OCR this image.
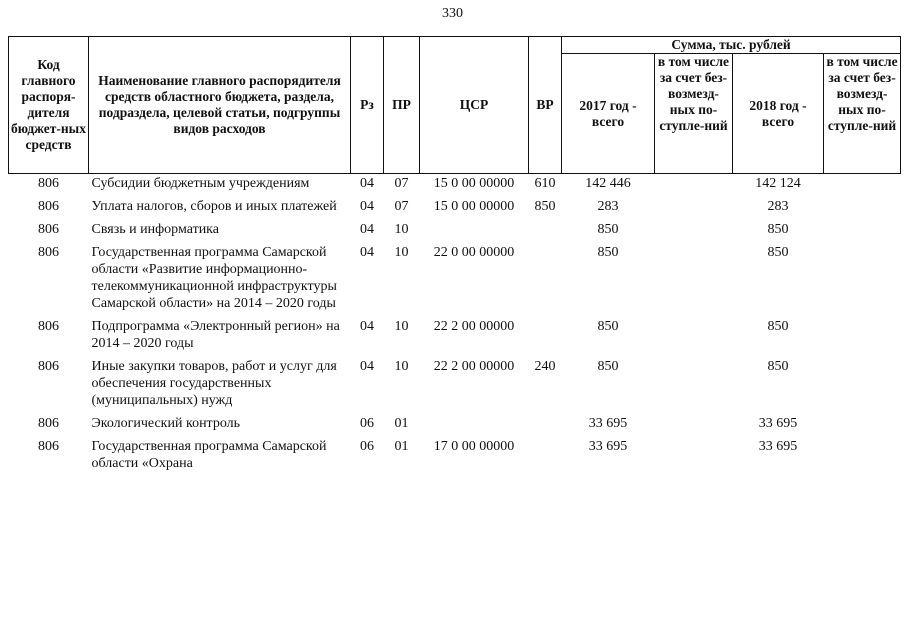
330
Код главного распоря-дителя бюджет-ных средств	Наименование главного распорядителя средств областного бюджета, раздела, подраздела, целевой статьи, подгруппы видов расходов	Рз	ПР	ЦСР	ВР	Сумма, тыс. рублей			
						2017 год - всего	в том числе за счет без-возмезд-ных по-ступле-ний	2018 год - всего	в том числе за счет без-возмезд-ных по-ступле-ний
806	Субсидии бюджетным учреждениям	04	07	15 0 00 00000	610	142 446		142 124	
806	Уплата налогов, сборов и иных платежей	04	07	15 0 00 00000	850	283		283	
806	Связь и информатика	04	10			850		850	
806	Государственная программа Самарской области «Развитие информационно-телекоммуникационной инфраструктуры Самарской области» на 2014 – 2020 годы	04	10	22 0 00 00000		850		850	
806	Подпрограмма «Электронный регион» на 2014 – 2020 годы	04	10	22 2 00 00000		850		850	
806	Иные закупки товаров, работ и услуг для обеспечения государственных (муниципальных) нужд	04	10	22 2 00 00000	240	850		850	
806	Экологический контроль	06	01			33 695		33 695	
806	Государственная программа Самарской области «Охрана	06	01	17 0 00 00000		33 695		33 695	
